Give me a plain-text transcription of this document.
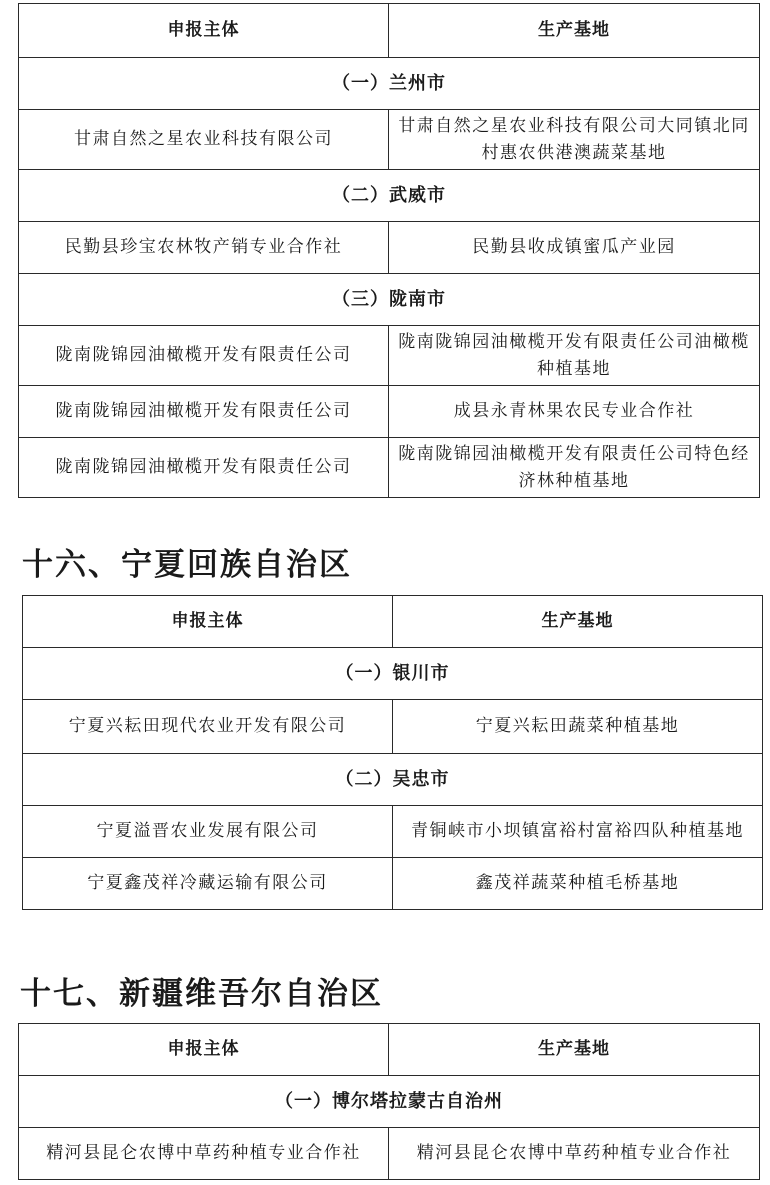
申报主体	生产基地
（一）兰州市	
甘肃自然之星农业科技有限公司	甘肃自然之星农业科技有限公司大同镇北同村惠农供港澳蔬菜基地
（二）武威市	
民勤县珍宝农林牧产销专业合作社	民勤县收成镇蜜瓜产业园
（三）陇南市	
陇南陇锦园油橄榄开发有限责任公司	陇南陇锦园油橄榄开发有限责任公司油橄榄种植基地
陇南陇锦园油橄榄开发有限责任公司	成县永青林果农民专业合作社
陇南陇锦园油橄榄开发有限责任公司	陇南陇锦园油橄榄开发有限责任公司特色经济林种植基地
十六、宁夏回族自治区
申报主体	生产基地
（一）银川市	
宁夏兴耘田现代农业开发有限公司	宁夏兴耘田蔬菜种植基地
（二）吴忠市	
宁夏溢晋农业发展有限公司	青铜峡市小坝镇富裕村富裕四队种植基地
宁夏鑫茂祥冷藏运输有限公司	鑫茂祥蔬菜种植毛桥基地
十七、新疆维吾尔自治区
申报主体	生产基地
（一）博尔塔拉蒙古自治州	
精河县昆仑农博中草药种植专业合作社	精河县昆仑农博中草药种植专业合作社
